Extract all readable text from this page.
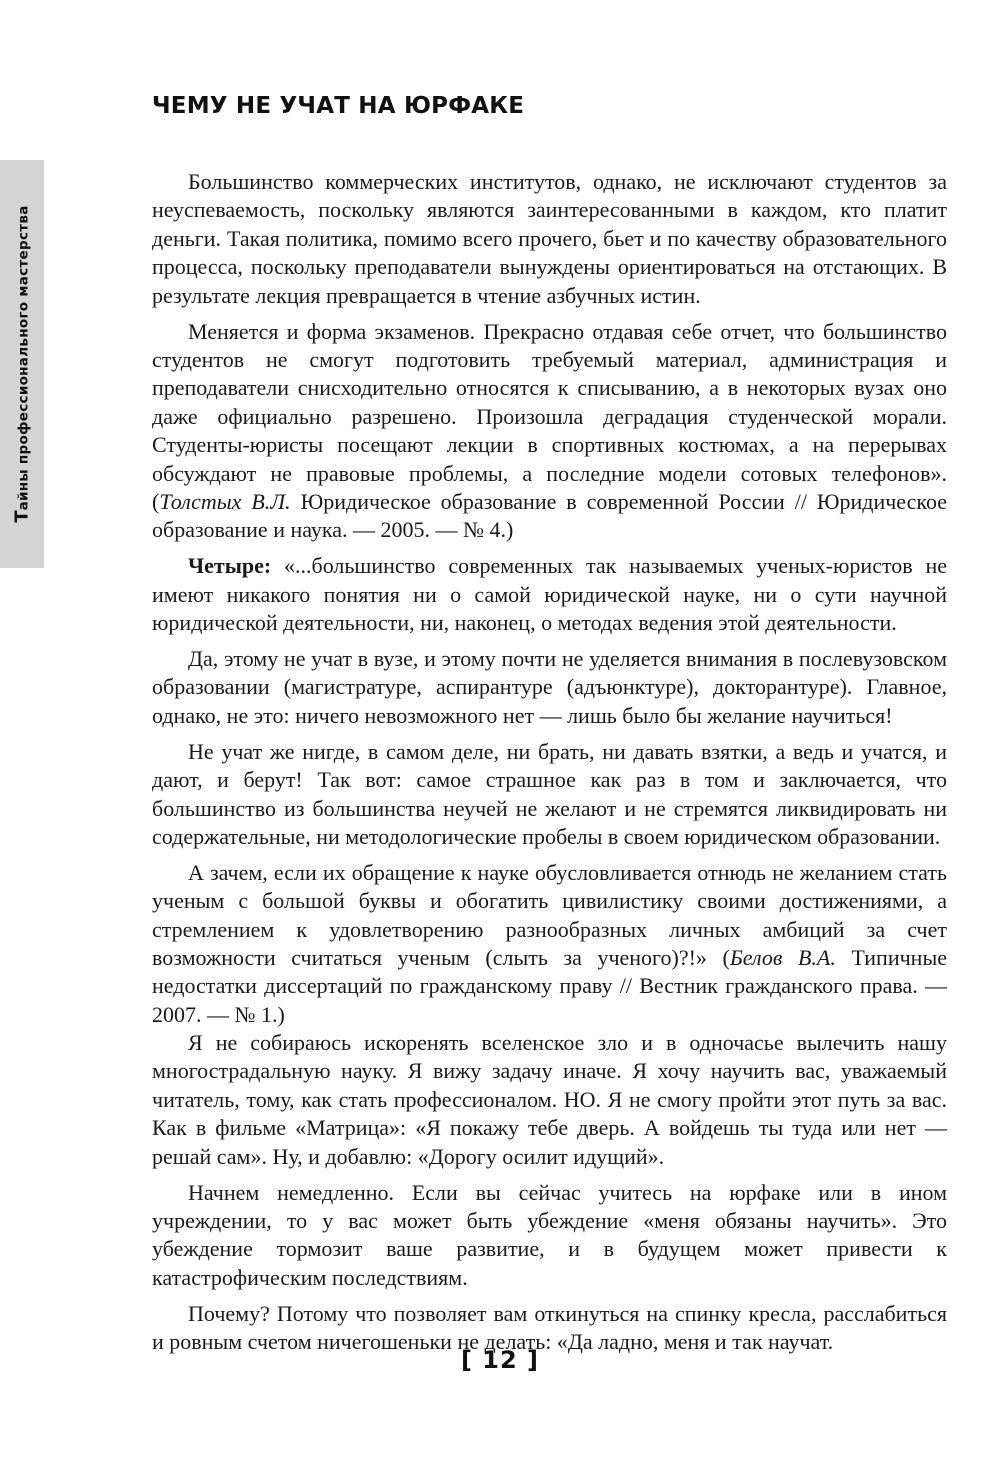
Тайны профессионального мастерства
ЧЕМУ НЕ УЧАТ НА ЮРФАКЕ

Большинство коммерческих институтов, однако, не исключают студентов за неуспеваемость, поскольку являются заинтересованными в каждом, кто платит деньги. Такая политика, помимо всего прочего, бьет и по качеству образовательного процесса, поскольку преподаватели вынуждены ориентироваться на отстающих. В результате лекция превращается в чтение азбучных истин.

Меняется и форма экзаменов. Прекрасно отдавая себе отчет, что большинство студентов не смогут подготовить требуемый материал, администрация и преподаватели снисходительно относятся к списыванию, а в некоторых вузах оно даже официально разрешено. Произошла деградация студенческой морали. Студенты-юристы посещают лекции в спортивных костюмах, а на перерывах обсуждают не правовые проблемы, а последние модели сотовых телефонов». (Толстых В.Л. Юридическое образование в современной России // Юридическое образование и наука. — 2005. — № 4.)

Четыре: «...большинство современных так называемых ученых-юристов не имеют никакого понятия ни о самой юридической науке, ни о сути научной юридической деятельности, ни, наконец, о методах ведения этой деятельности.

Да, этому не учат в вузе, и этому почти не уделяется внимания в послевузовском образовании (магистратуре, аспирантуре (адъюнктуре), докторантуре). Главное, однако, не это: ничего невозможного нет — лишь было бы желание научиться!

Не учат же нигде, в самом деле, ни брать, ни давать взятки, а ведь и учатся, и дают, и берут! Так вот: самое страшное как раз в том и заключается, что большинство из большинства неучей не желают и не стремятся ликвидировать ни содержательные, ни методологические пробелы в своем юридическом образовании.

А зачем, если их обращение к науке обусловливается отнюдь не желанием стать ученым с большой буквы и обогатить цивилистику своими достижениями, а стремлением к удовлетворению разнообразных личных амбиций за счет возможности считаться ученым (слыть за ученого)?!» (Белов В.А. Типичные недостатки диссертаций по гражданскому праву // Вестник гражданского права. — 2007. — № 1.)

Я не собираюсь искоренять вселенское зло и в одночасье вылечить нашу многострадальную науку. Я вижу задачу иначе. Я хочу научить вас, уважаемый читатель, тому, как стать профессионалом. НО. Я не смогу пройти этот путь за вас. Как в фильме «Матрица»: «Я покажу тебе дверь. А войдешь ты туда или нет — решай сам». Ну, и добавлю: «Дорогу осилит идущий».

Начнем немедленно. Если вы сейчас учитесь на юрфаке или в ином учреждении, то у вас может быть убеждение «меня обязаны научить». Это убеждение тормозит ваше развитие, и в будущем может привести к катастрофическим последствиям.

Почему? Потому что позволяет вам откинуться на спинку кресла, расслабиться и ровным счетом ничегошеньки не делать: «Да ладно, меня и так научат.

[ 12 ]
